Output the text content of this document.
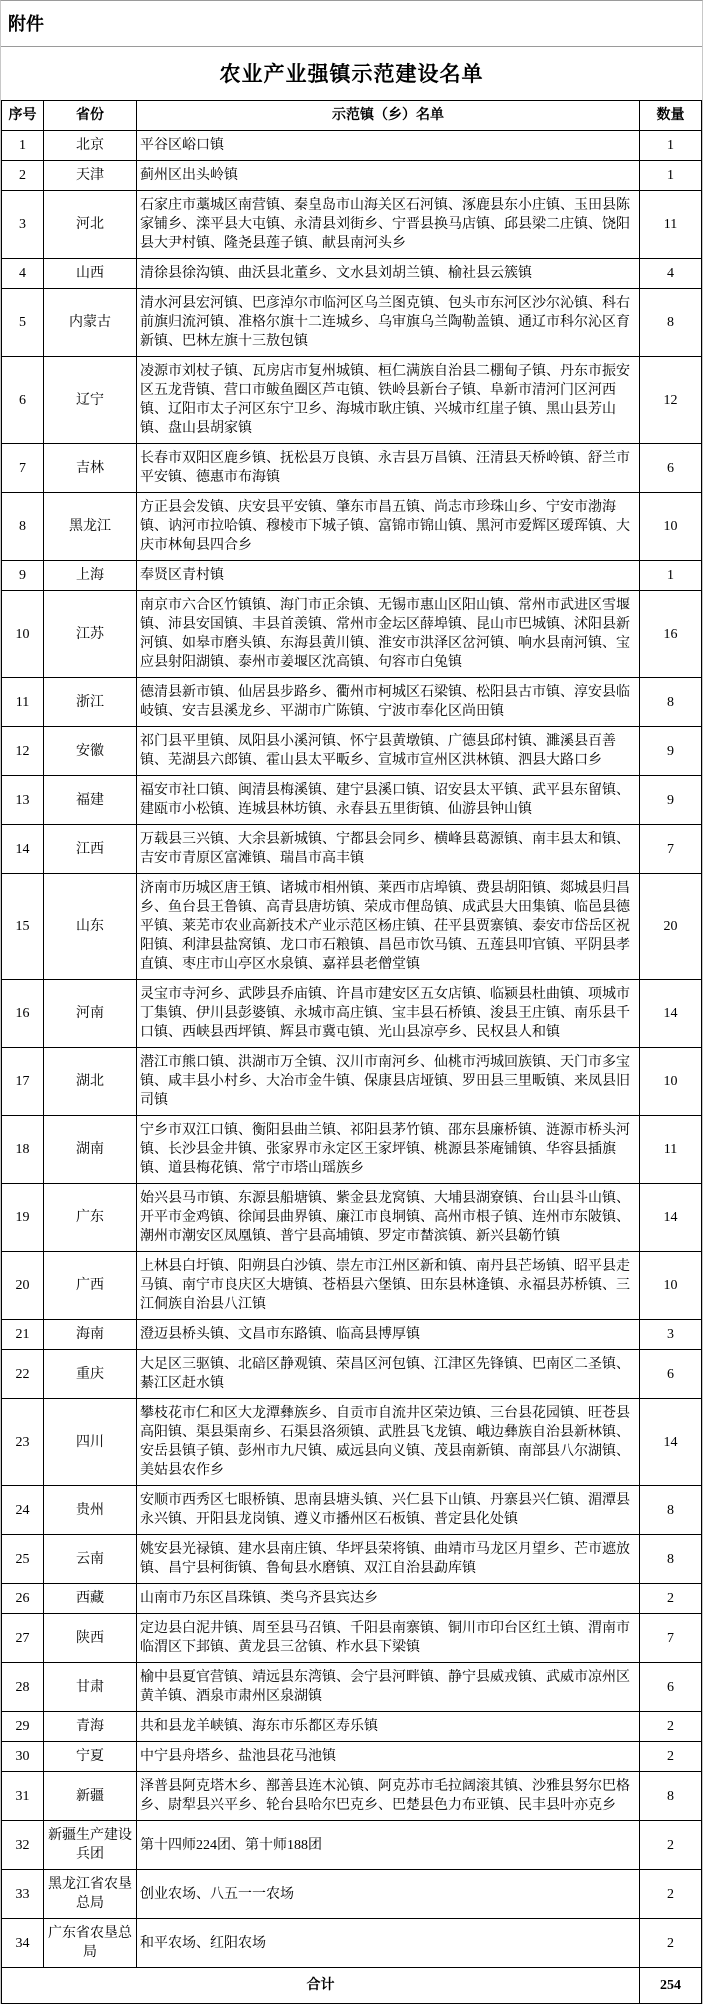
附件
农业产业强镇示范建设名单
序号	省份	示范镇（乡）名单	数量
1	北京	平谷区峪口镇	1
2	天津	蓟州区出头岭镇	1
3	河北	石家庄市藁城区南营镇、秦皇岛市山海关区石河镇、涿鹿县东小庄镇、玉田县陈家铺乡、滦平县大屯镇、永清县刘街乡、宁晋县换马店镇、邱县梁二庄镇、饶阳县大尹村镇、隆尧县莲子镇、献县南河头乡	11
4	山西	清徐县徐沟镇、曲沃县北董乡、文水县刘胡兰镇、榆社县云簇镇	4
5	内蒙古	清水河县宏河镇、巴彦淖尔市临河区乌兰图克镇、包头市东河区沙尔沁镇、科右前旗归流河镇、准格尔旗十二连城乡、乌审旗乌兰陶勒盖镇、通辽市科尔沁区育新镇、巴林左旗十三敖包镇	8
6	辽宁	凌源市刘杖子镇、瓦房店市复州城镇、桓仁满族自治县二棚甸子镇、丹东市振安区五龙背镇、营口市鲅鱼圈区芦屯镇、铁岭县新台子镇、阜新市清河门区河西镇、辽阳市太子河区东宁卫乡、海城市耿庄镇、兴城市红崖子镇、黑山县芳山镇、盘山县胡家镇	12
7	吉林	长春市双阳区鹿乡镇、抚松县万良镇、永吉县万昌镇、汪清县天桥岭镇、舒兰市平安镇、德惠市布海镇	6
8	黑龙江	方正县会发镇、庆安县平安镇、肇东市昌五镇、尚志市珍珠山乡、宁安市渤海镇、讷河市拉哈镇、穆棱市下城子镇、富锦市锦山镇、黑河市爱辉区瑷珲镇、大庆市林甸县四合乡	10
9	上海	奉贤区青村镇	1
10	江苏	南京市六合区竹镇镇、海门市正余镇、无锡市惠山区阳山镇、常州市武进区雪堰镇、沛县安国镇、丰县首羡镇、常州市金坛区薛埠镇、昆山市巴城镇、沭阳县新河镇、如皋市磨头镇、东海县黄川镇、淮安市洪泽区岔河镇、响水县南河镇、宝应县射阳湖镇、泰州市姜堰区沈高镇、句容市白兔镇	16
11	浙江	德清县新市镇、仙居县步路乡、衢州市柯城区石梁镇、松阳县古市镇、淳安县临岐镇、安吉县溪龙乡、平湖市广陈镇、宁波市奉化区尚田镇	8
12	安徽	祁门县平里镇、凤阳县小溪河镇、怀宁县黄墩镇、广德县邱村镇、濉溪县百善镇、芜湖县六郎镇、霍山县太平畈乡、宣城市宣州区洪林镇、泗县大路口乡	9
13	福建	福安市社口镇、闽清县梅溪镇、建宁县溪口镇、诏安县太平镇、武平县东留镇、建瓯市小松镇、连城县林坊镇、永春县五里街镇、仙游县钟山镇	9
14	江西	万载县三兴镇、大余县新城镇、宁都县会同乡、横峰县葛源镇、南丰县太和镇、吉安市青原区富滩镇、瑞昌市高丰镇	7
15	山东	济南市历城区唐王镇、诸城市相州镇、莱西市店埠镇、费县胡阳镇、郯城县归昌乡、鱼台县王鲁镇、高青县唐坊镇、荣成市俚岛镇、成武县大田集镇、临邑县德平镇、莱芜市农业高新技术产业示范区杨庄镇、茌平县贾寨镇、泰安市岱岳区祝阳镇、利津县盐窝镇、龙口市石粮镇、昌邑市饮马镇、五莲县叩官镇、平阴县孝直镇、枣庄市山亭区水泉镇、嘉祥县老僧堂镇	20
16	河南	灵宝市寺河乡、武陟县乔庙镇、许昌市建安区五女店镇、临颍县杜曲镇、项城市丁集镇、伊川县彭婆镇、永城市高庄镇、宝丰县石桥镇、浚县王庄镇、南乐县千口镇、西峡县西坪镇、辉县市冀屯镇、光山县凉亭乡、民权县人和镇	14
17	湖北	潜江市熊口镇、洪湖市万全镇、汉川市南河乡、仙桃市沔城回族镇、天门市多宝镇、咸丰县小村乡、大冶市金牛镇、保康县店垭镇、罗田县三里畈镇、来凤县旧司镇	10
18	湖南	宁乡市双江口镇、衡阳县曲兰镇、祁阳县茅竹镇、邵东县廉桥镇、涟源市桥头河镇、长沙县金井镇、张家界市永定区王家坪镇、桃源县茶庵铺镇、华容县插旗镇、道县梅花镇、常宁市塔山瑶族乡	11
19	广东	始兴县马市镇、东源县船塘镇、紫金县龙窝镇、大埔县湖寮镇、台山县斗山镇、开平市金鸡镇、徐闻县曲界镇、廉江市良垌镇、高州市根子镇、连州市东陂镇、潮州市潮安区凤凰镇、普宁县高埔镇、罗定市榃滨镇、新兴县簕竹镇	14
20	广西	上林县白圩镇、阳朔县白沙镇、崇左市江州区新和镇、南丹县芒场镇、昭平县走马镇、南宁市良庆区大塘镇、苍梧县六堡镇、田东县林逢镇、永福县苏桥镇、三江侗族自治县八江镇	10
21	海南	澄迈县桥头镇、文昌市东路镇、临高县博厚镇	3
22	重庆	大足区三驱镇、北碚区静观镇、荣昌区河包镇、江津区先锋镇、巴南区二圣镇、綦江区赶水镇	6
23	四川	攀枝花市仁和区大龙潭彝族乡、自贡市自流井区荣边镇、三台县花园镇、旺苍县高阳镇、渠县渠南乡、石渠县洛须镇、武胜县飞龙镇、峨边彝族自治县新林镇、安岳县镇子镇、彭州市九尺镇、威远县向义镇、茂县南新镇、南部县八尔湖镇、美姑县农作乡	14
24	贵州	安顺市西秀区七眼桥镇、思南县塘头镇、兴仁县下山镇、丹寨县兴仁镇、湄潭县永兴镇、开阳县龙岗镇、遵义市播州区石板镇、普定县化处镇	8
25	云南	姚安县光禄镇、建水县南庄镇、华坪县荣将镇、曲靖市马龙区月望乡、芒市遮放镇、昌宁县柯街镇、鲁甸县水磨镇、双江自治县勐库镇	8
26	西藏	山南市乃东区昌珠镇、类乌齐县宾达乡	2
27	陕西	定边县白泥井镇、周至县马召镇、千阳县南寨镇、铜川市印台区红土镇、渭南市临渭区下邽镇、黄龙县三岔镇、柞水县下梁镇	7
28	甘肃	榆中县夏官营镇、靖远县东湾镇、会宁县河畔镇、静宁县威戎镇、武威市凉州区黄羊镇、酒泉市肃州区泉湖镇	6
29	青海	共和县龙羊峡镇、海东市乐都区寿乐镇	2
30	宁夏	中宁县舟塔乡、盐池县花马池镇	2
31	新疆	泽普县阿克塔木乡、鄯善县连木沁镇、阿克苏市毛拉阔滚其镇、沙雅县努尔巴格乡、尉犁县兴平乡、轮台县哈尔巴克乡、巴楚县色力布亚镇、民丰县叶亦克乡	8
32	新疆生产建设兵团	第十四师224团、第十师188团	2
33	黑龙江省农垦总局	创业农场、八五一一农场	2
34	广东省农垦总局	和平农场、红阳农场	2
合计			254
